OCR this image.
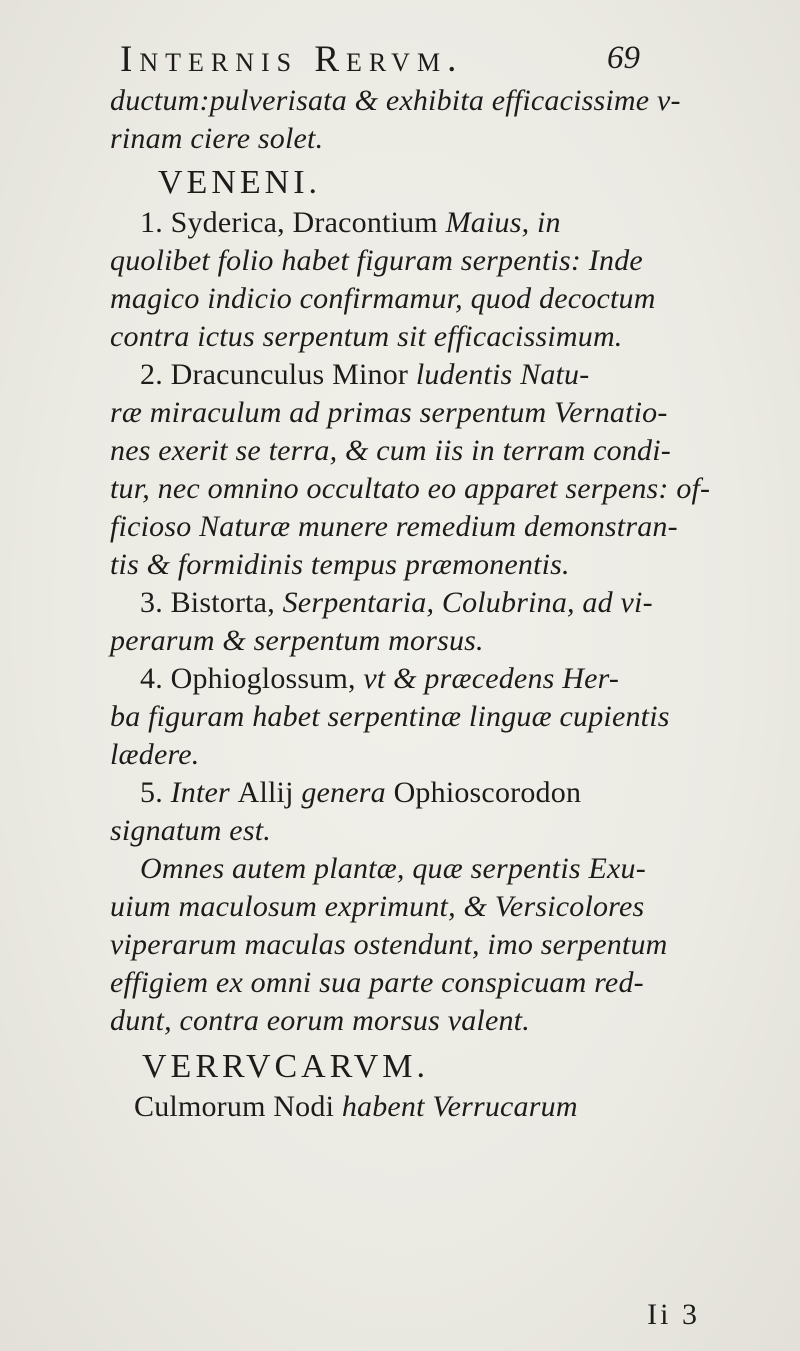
Internis Rervm.	69
ductum:pulverisata & exhibita efficacissime v-
rinam ciere solet.
VENENI.
1. Syderica, Dracontium Maius, in
quolibet folio habet figuram serpentis: Inde
magico indicio confirmamur, quod decoctum
contra ictus serpentum sit efficacissimum.
2. Dracunculus Minor ludentis Natu-
ræ miraculum ad primas serpentum Vernatio-
nes exerit se terra, & cum iis in terram condi-
tur, nec omnino occultato eo apparet serpens: of-
ficioso Naturæ munere remedium demonstran-
tis & formidinis tempus præmonentis.
3. Bistorta, Serpentaria, Colubrina, ad vi-
perarum & serpentum morsus.
4. Ophioglossum, vt & præcedens Her-
ba figuram habet serpentinæ linguæ cupientis
lædere.
5. Inter Allij genera Ophioscorodon
signatum est.
Omnes autem plantæ, quæ serpentis Exu-
uium maculosum exprimunt, & Versicolores
viperarum maculas ostendunt, imo serpentum
effigiem ex omni sua parte conspicuam red-
dunt, contra eorum morsus valent.
VERRVCARVM.
Culmorum Nodi habent Verrucarum
Ii 3
